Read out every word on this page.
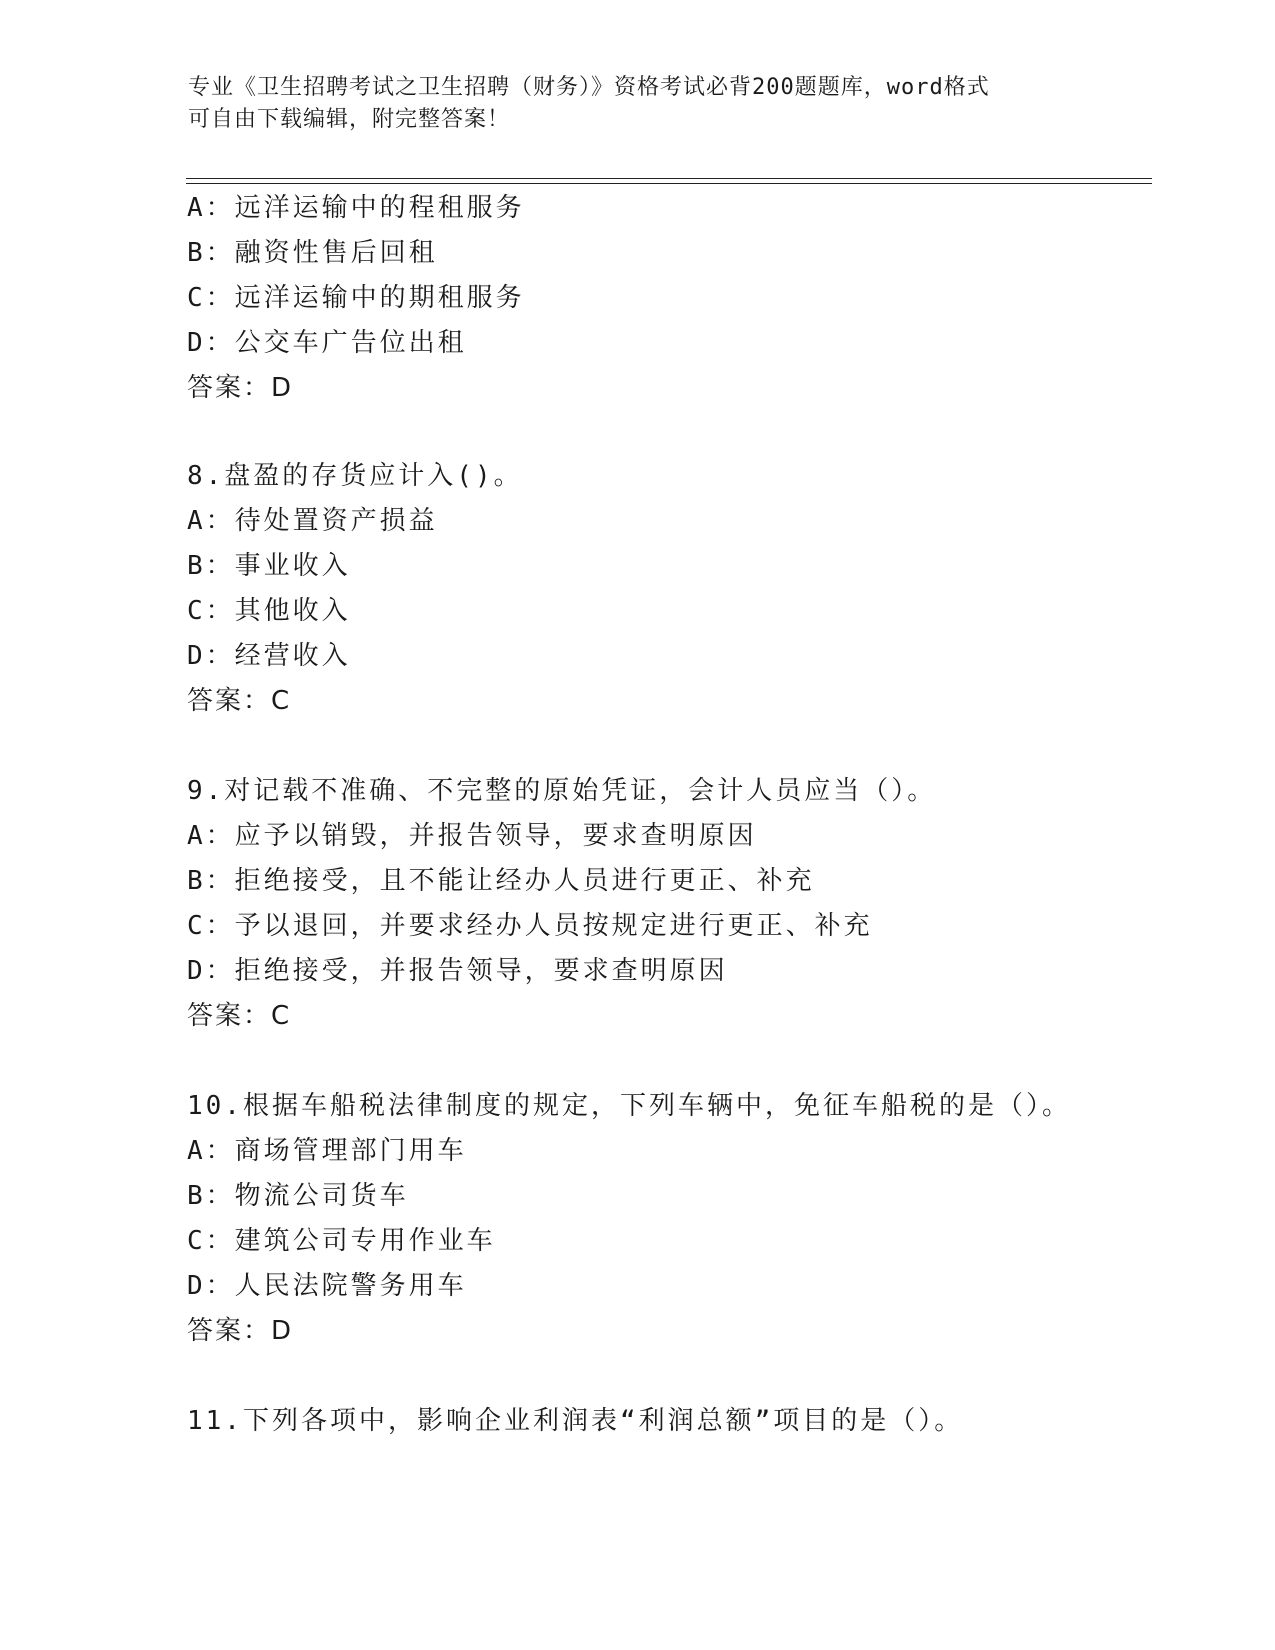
专业《卫生招聘考试之卫生招聘（财务）》资格考试必背200题题库，word格式
可自由下载编辑，附完整答案！
A：远洋运输中的程租服务
B：融资性售后回租
C：远洋运输中的期租服务
D：公交车广告位出租
答案：D
8.盘盈的存货应计入()。
A：待处置资产损益
B：事业收入
C：其他收入
D：经营收入
答案：C
9.对记载不准确、不完整的原始凭证，会计人员应当（）。
A：应予以销毁，并报告领导，要求查明原因
B：拒绝接受，且不能让经办人员进行更正、补充
C：予以退回，并要求经办人员按规定进行更正、补充
D：拒绝接受，并报告领导，要求查明原因
答案：C
10.根据车船税法律制度的规定，下列车辆中，免征车船税的是（）。
A：商场管理部门用车
B：物流公司货车
C：建筑公司专用作业车
D：人民法院警务用车
答案：D
11.下列各项中，影响企业利润表“利润总额”项目的是（）。
